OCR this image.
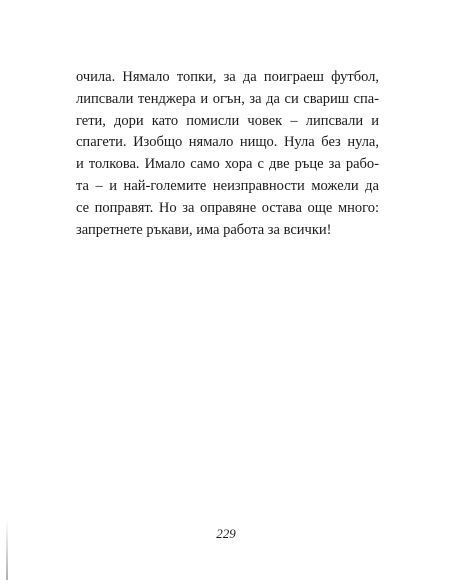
очила. Нямало топки, за да поиграеш футбол,
липсвали тенджера и огън, за да си свариш спа-
гети, дори като помисли човек – липсвали и
спагети. Изобщо нямало нищо. Нула без нула,
и толкова. Имало само хора с две ръце за рабо-
та – и най-големите неизправности можели да
се поправят. Но за оправяне остава още много:
запретнете ръкави, има работа за всички!
229
